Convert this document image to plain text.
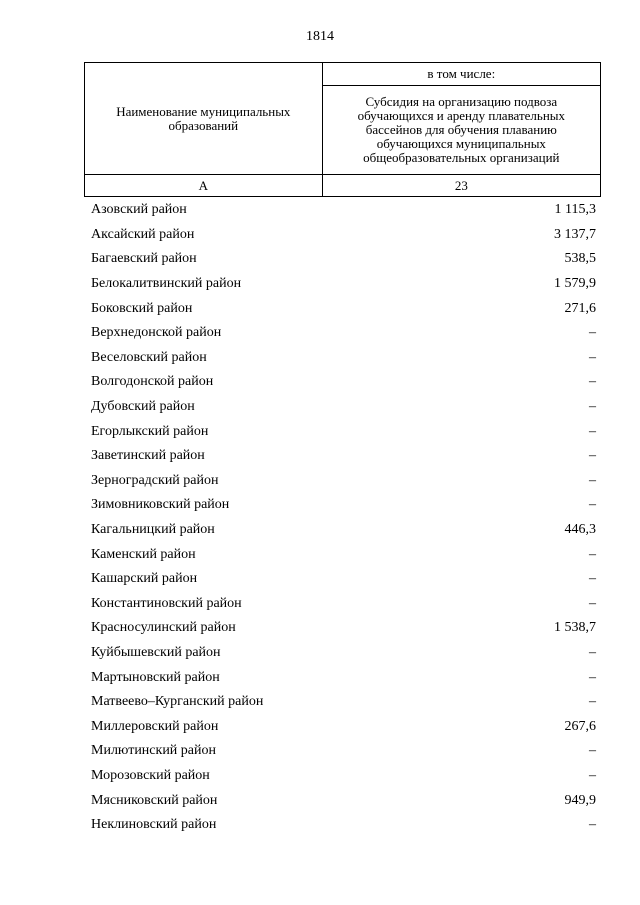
1814
Наименование муниципальных образований	в том числе:
	Субсидия на организацию подвоза обучающихся и аренду плавательных бассейнов для обучения плаванию обучающихся муниципальных общеобразовательных организаций
А	23
Азовский район	1 115,3
Аксайский район	3 137,7
Багаевский район	538,5
Белокалитвинский район	1 579,9
Боковский район	271,6
Верхнедонской район	–
Веселовский район	–
Волгодонской район	–
Дубовский район	–
Егорлыкский район	–
Заветинский район	–
Зерноградский район	–
Зимовниковский район	–
Кагальницкий район	446,3
Каменский район	–
Кашарский район	–
Константиновский район	–
Красносулинский район	1 538,7
Куйбышевский район	–
Мартыновский район	–
Матвеево–Курганский район	–
Миллеровский район	267,6
Милютинский район	–
Морозовский район	–
Мясниковский район	949,9
Неклиновский район	–
